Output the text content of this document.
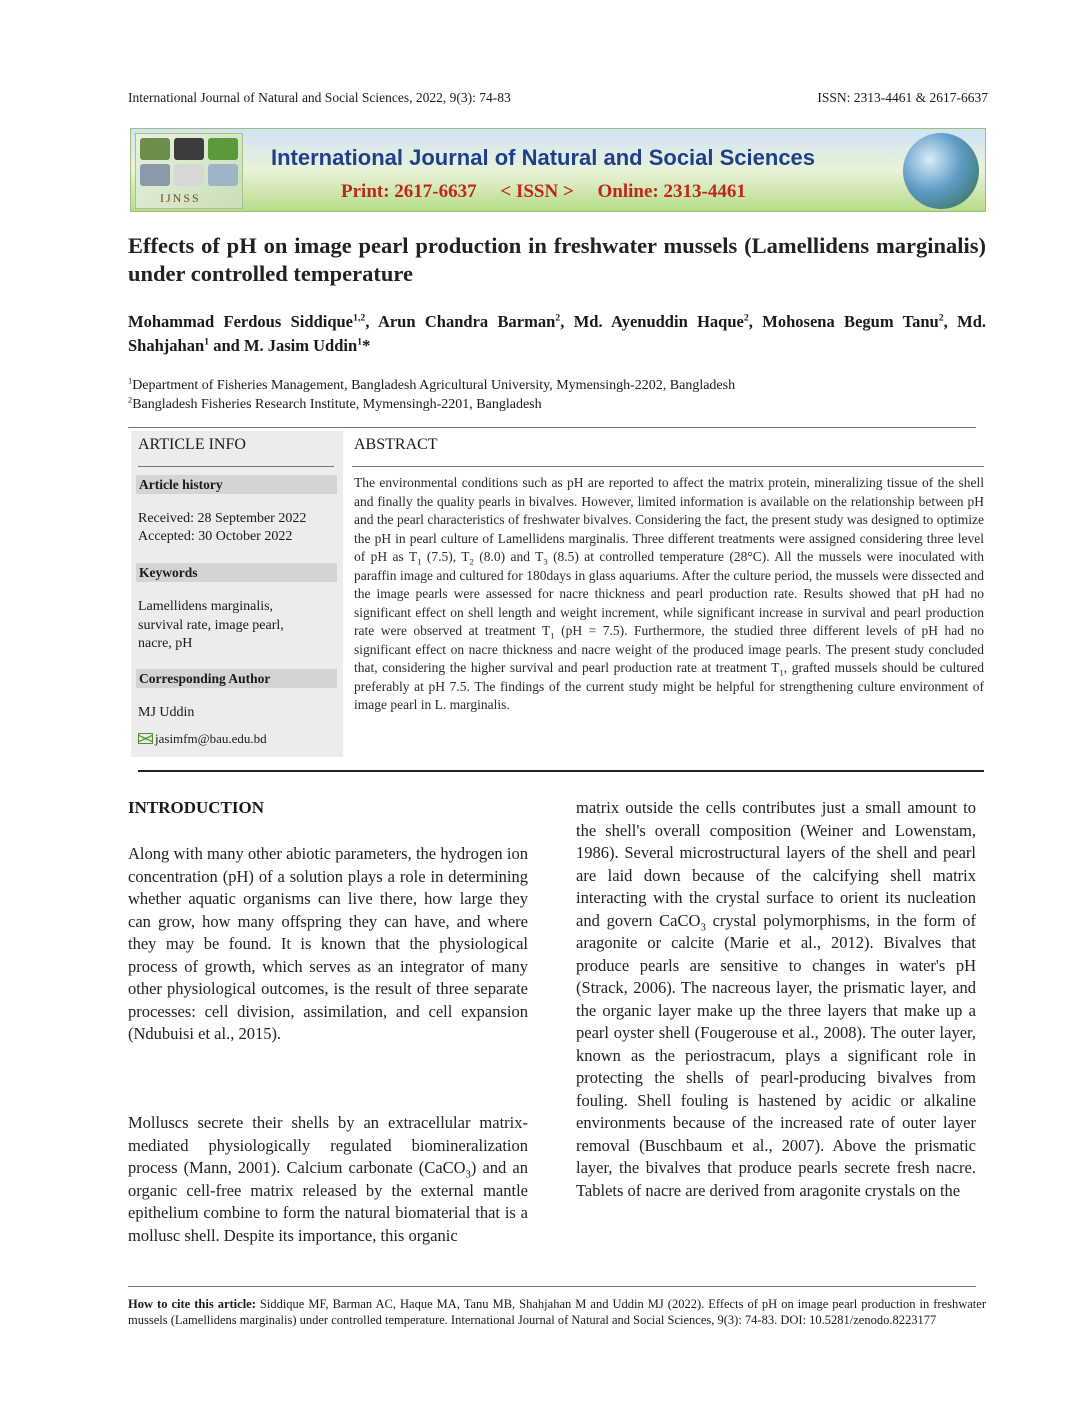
International Journal of Natural and Social Sciences, 2022, 9(3): 74-83	ISSN: 2313-4461 & 2617-6637
IJNSS
International Journal of Natural and Social Sciences
Print: 2617-6637 < ISSN > Online: 2313-4461
Effects of pH on image pearl production in freshwater mussels (Lamellidens marginalis) under controlled temperature
Mohammad Ferdous Siddique$^{1,2}$, Arun Chandra Barman$^2$, Md. Ayenuddin Haque$^2$, Mohosena Begum Tanu$^2$, Md. Shahjahan$^1$ and M. Jasim Uddin$^1$*
$^1$Department of Fisheries Management, Bangladesh Agricultural University, Mymensingh-2202, Bangladesh
$^2$Bangladesh Fisheries Research Institute, Mymensingh-2201, Bangladesh
ARTICLE INFO
Article history
Received: 28 September 2022
Accepted: 30 October 2022
Keywords
Lamellidens marginalis, survival rate, image pearl, nacre, pH
Corresponding Author
MJ Uddin
jasimfm@bau.edu.bd
ABSTRACT
The environmental conditions such as pH are reported to affect the matrix protein, mineralizing tissue of the shell and finally the quality pearls in bivalves. However, limited information is available on the relationship between pH and the pearl characteristics of freshwater bivalves. Considering the fact, the present study was designed to optimize the pH in pearl culture of Lamellidens marginalis. Three different treatments were assigned considering three level of pH as $T_1$ (7.5), $T_2$ (8.0) and $T_3$ (8.5) at controlled temperature (28°C). All the mussels were inoculated with paraffin image and cultured for 180days in glass aquariums. After the culture period, the mussels were dissected and the image pearls were assessed for nacre thickness and pearl production rate. Results showed that pH had no significant effect on shell length and weight increment, while significant increase in survival and pearl production rate were observed at treatment $T_1$ (pH = 7.5). Furthermore, the studied three different levels of pH had no significant effect on nacre thickness and nacre weight of the produced image pearls. The present study concluded that, considering the higher survival and pearl production rate at treatment $T_1$, grafted mussels should be cultured preferably at pH 7.5. The findings of the current study might be helpful for strengthening culture environment of image pearl in L. marginalis.
INTRODUCTION

Along with many other abiotic parameters, the hydrogen ion concentration (pH) of a solution plays a role in determining whether aquatic organisms can live there, how large they can grow, how many offspring they can have, and where they may be found. It is known that the physiological process of growth, which serves as an integrator of many other physiological outcomes, is the result of three separate processes: cell division, assimilation, and cell expansion (Ndubuisi et al., 2015).

Molluscs secrete their shells by an extracellular matrix-mediated physiologically regulated biomineralization process (Mann, 2001). Calcium carbonate (CaCO$_3$) and an organic cell-free matrix released by the external mantle epithelium combine to form the natural biomaterial that is a mollusc shell. Despite its importance, this organic

matrix outside the cells contributes just a small amount to the shell's overall composition (Weiner and Lowenstam, 1986). Several microstructural layers of the shell and pearl are laid down because of the calcifying shell matrix interacting with the crystal surface to orient its nucleation and govern CaCO$_3$ crystal polymorphisms, in the form of aragonite or calcite (Marie et al., 2012). Bivalves that produce pearls are sensitive to changes in water's pH (Strack, 2006). The nacreous layer, the prismatic layer, and the organic layer make up the three layers that make up a pearl oyster shell (Fougerouse et al., 2008). The outer layer, known as the periostracum, plays a significant role in protecting the shells of pearl-producing bivalves from fouling. Shell fouling is hastened by acidic or alkaline environments because of the increased rate of outer layer removal (Buschbaum et al., 2007). Above the prismatic layer, the bivalves that produce pearls secrete fresh nacre. Tablets of nacre are derived from aragonite crystals on the

How to cite this article: Siddique MF, Barman AC, Haque MA, Tanu MB, Shahjahan M and Uddin MJ (2022). Effects of pH on image pearl production in freshwater mussels (Lamellidens marginalis) under controlled temperature. International Journal of Natural and Social Sciences, 9(3): 74-83. DOI: 10.5281/zenodo.8223177
